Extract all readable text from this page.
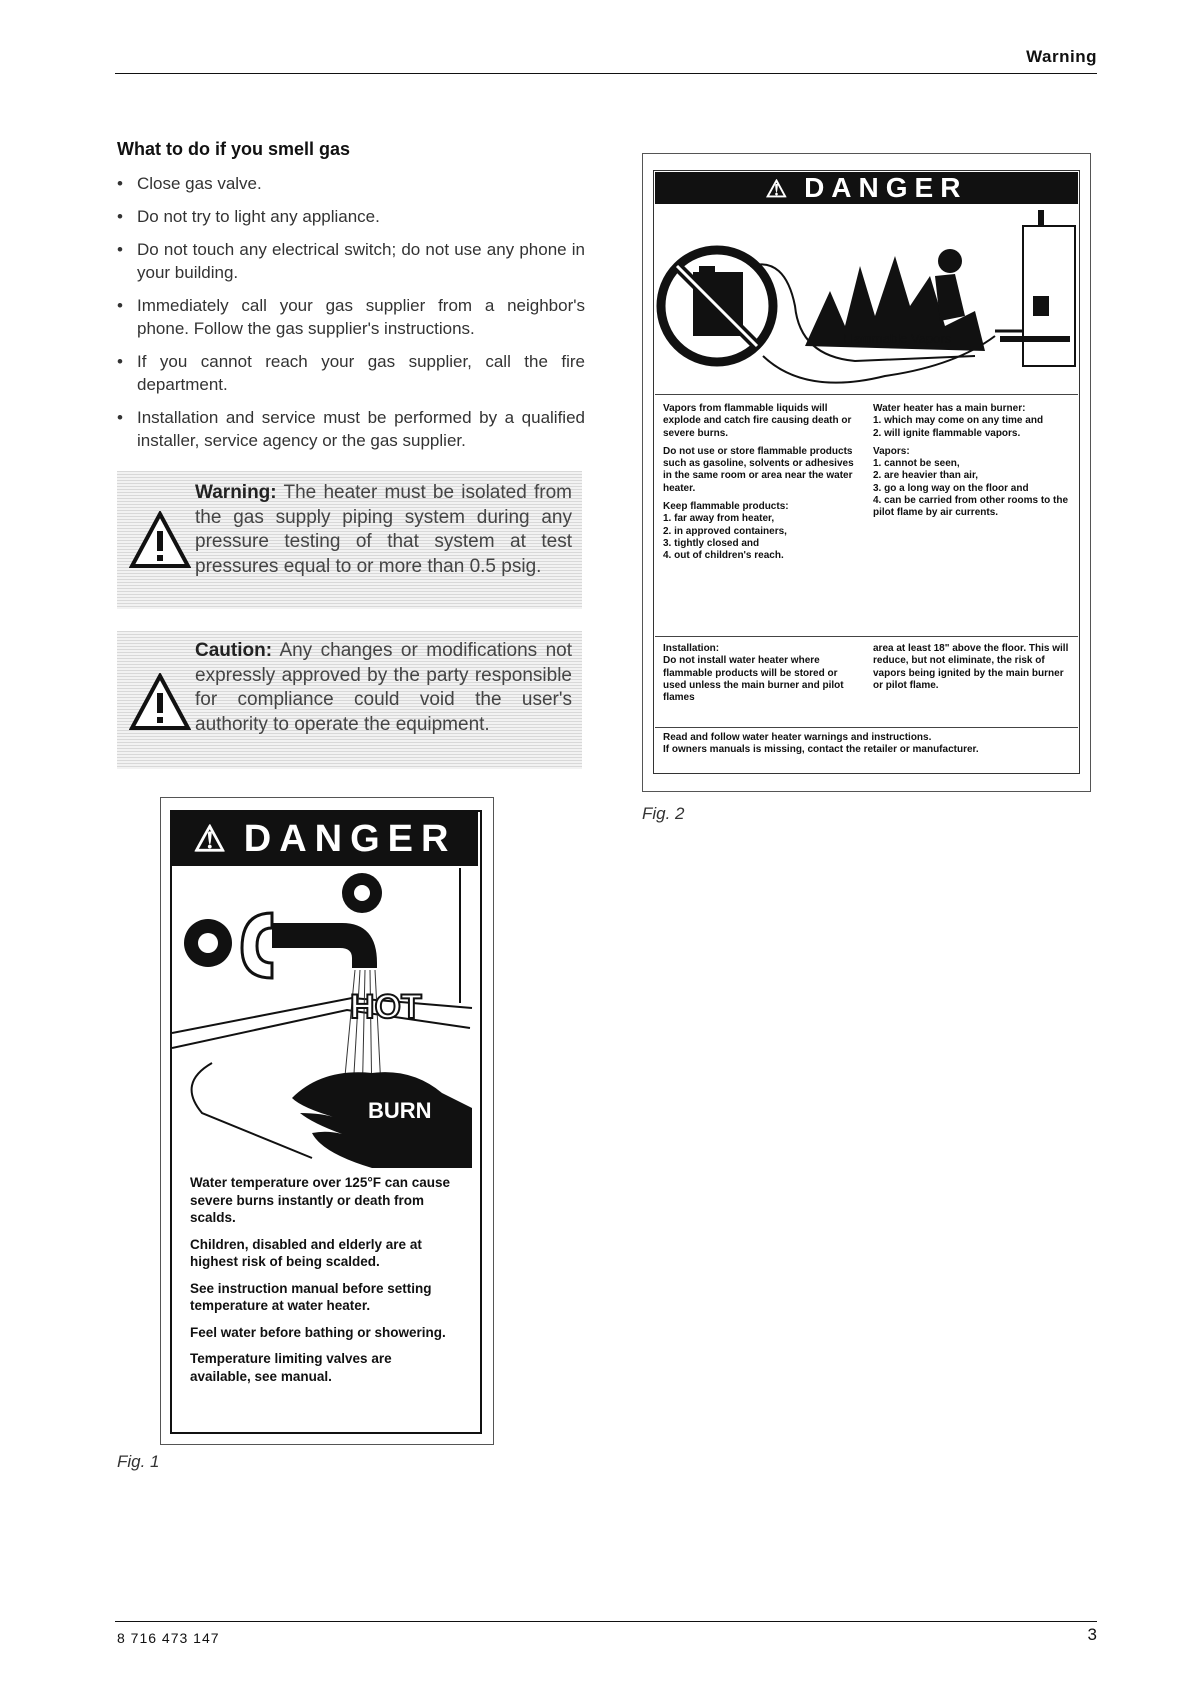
Warning
What to do if you smell gas
• Close gas valve.
• Do not try to light any appliance.
• Do not touch any electrical switch; do not use any phone in your building.
• Immediately call your gas supplier from a neighbor's phone. Follow the gas supplier's instructions.
• If you cannot reach your gas supplier, call the fire department.
• Installation and service must be performed by a qualified installer, service agency or the gas supplier.
Warning: The heater must be isolated from the gas supply piping system during any pressure testing of that system at test pressures equal to or more than 0.5 psig.
Caution: Any changes or modifications not expressly approved by the party responsible for compliance could void the user's authority to operate the equipment.
⚠ DANGER
HOT
BURN

Water temperature over 125°F can cause severe burns instantly or death from scalds.

Children, disabled and elderly are at highest risk of being scalded.

See instruction manual before setting temperature at water heater.

Feel water before bathing or showering.

Temperature limiting valves are available, see manual.

Fig. 1
⚠ DANGER
Flammable Vapors

Vapors from flammable liquids will explode and catch fire causing death or severe burns.

Do not use or store flammable products such as gasoline, solvents or adhesives in the same room or area near the water heater.

Keep flammable products:
1. far away from heater,
2. in approved containers,
3. tightly closed and
4. out of children's reach.

Water heater has a main burner:
1. which may come on any time and
2. will ignite flammable vapors.

Vapors:
1. cannot be seen,
2. are heavier than air,
3. go a long way on the floor and
4. can be carried from other rooms to the pilot flame by air currents.

Installation:
Do not install water heater where flammable products will be stored or used unless the main burner and pilot flames
area at least 18" above the floor. This will reduce, but not eliminate, the risk of vapors being ignited by the main burner or pilot flame.
Read and follow water heater warnings and instructions.
If owners manuals is missing, contact the retailer or manufacturer.
Fig. 2
8 716 473 147	3
